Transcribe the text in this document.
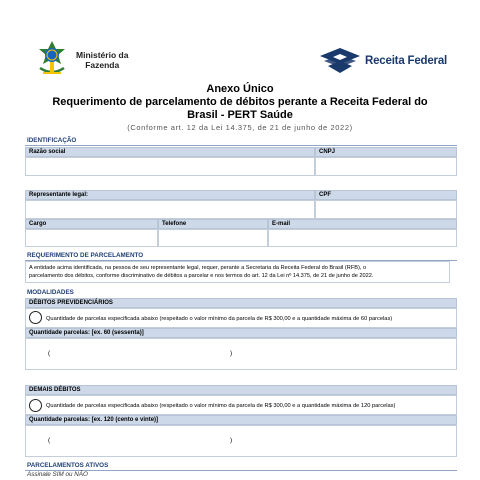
Ministério da
Fazenda	Receita Federal
Anexo Único
Requerimento de parcelamento de débitos perante a Receita Federal do
Brasil - PERT Saúde
(Conforme art. 12 da Lei 14.375, de 21 de junho de 2022)
IDENTIFICAÇÃO
Razão social	CNPJ
Representante legal:	CPF
Cargo	Telefone	E-mail
REQUERIMENTO DE PARCELAMENTO
A entidade acima identificada, na pessoa de seu representante legal, requer, perante a Secretaria da Receita Federal do Brasil (RFB), o
parcelamento dos débitos, conforme discriminativo de débitos a parcelar e nos termos do art. 12 da Lei nº 14.375, de 21 de junho de 2022.
MODALIDADES
DÉBITOS PREVIDENCIÁRIOS
Quantidade de parcelas especificada abaixo (respeitado o valor mínimo da parcela de R$ 300,00 e a quantidade máxima de 60 parcelas)
Quantidade parcelas: [ex. 60 (sessenta)]
(	)
DEMAIS DÉBITOS
Quantidade de parcelas especificada abaixo (respeitado o valor mínimo da parcela de R$ 300,00 e a quantidade máxima de 120 parcelas)
Quantidade parcelas: [ex. 120 (cento e vinte)]
(	)
PARCELAMENTOS ATIVOS
Assinale SIM ou NÃO
